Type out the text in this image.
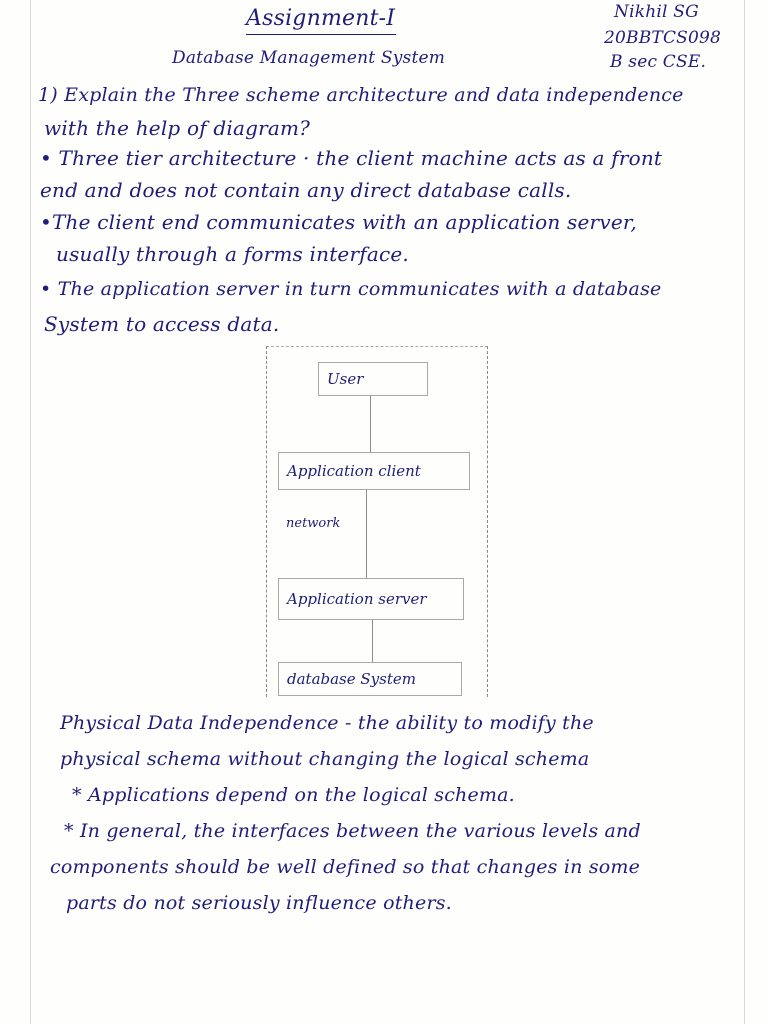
Assignment-I
Database Management System
Nikhil SG
20BBTCS098
B sec CSE.
1) Explain the Three scheme architecture and data independence
with the help of diagram?
• Three tier architecture · the client machine acts as a front
end and does not contain any direct database calls.
•The client end communicates with an application server,
usually through a forms interface.
• The application server in turn communicates with a database
System to access data.
User
Application client
network
Application server
database System
Physical Data Independence - the ability to modify the
physical schema without changing the logical schema
* Applications depend on the logical schema.
* In general, the interfaces between the various levels and
components should be well defined so that changes in some
parts do not seriously influence others.
